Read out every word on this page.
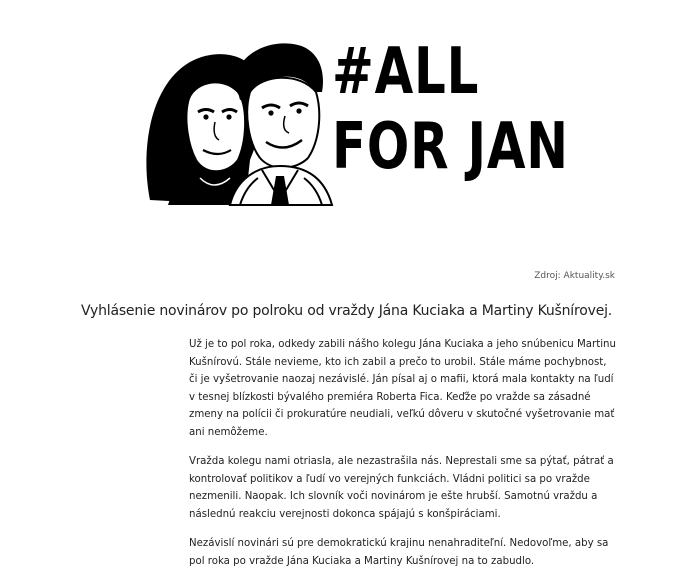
#ALL
FOR JAN
Zdroj: Aktuality.sk
Vyhlásenie novinárov po polroku od vraždy Jána Kuciaka a Martiny Kušnírovej.

Už je to pol roka, odkedy zabili nášho kolegu Jána Kuciaka a jeho snúbenicu Martinu Kušnírovú. Stále nevieme, kto ich zabil a prečo to urobil. Stále máme pochybnost, či je vyšetrovanie naozaj nezávislé. Ján písal aj o mafii, ktorá mala kontakty na ľudí v tesnej blízkosti bývalého premiéra Roberta Fica. Keďže po vražde sa zásadné zmeny na polícii či prokuratúre neudiali, veľkú dôveru v skutočné vyšetrovanie mať ani nemôžeme.

Vražda kolegu nami otriasla, ale nezastrašila nás. Neprestali sme sa pýtať, pátrať a kontrolovať politikov a ľudí vo verejných funkciách. Vládni politici sa po vražde nezmenili. Naopak. Ich slovník voči novinárom je ešte hrubší. Samotnú vraždu a následnú reakciu verejnosti dokonca spájajú s konšpiráciami.

Nezávislí novinári sú pre demokratickú krajinu nenahraditeľní. Nedovoľme, aby sa pol roka po vražde Jána Kuciaka a Martiny Kušnírovej na to zabudlo.
